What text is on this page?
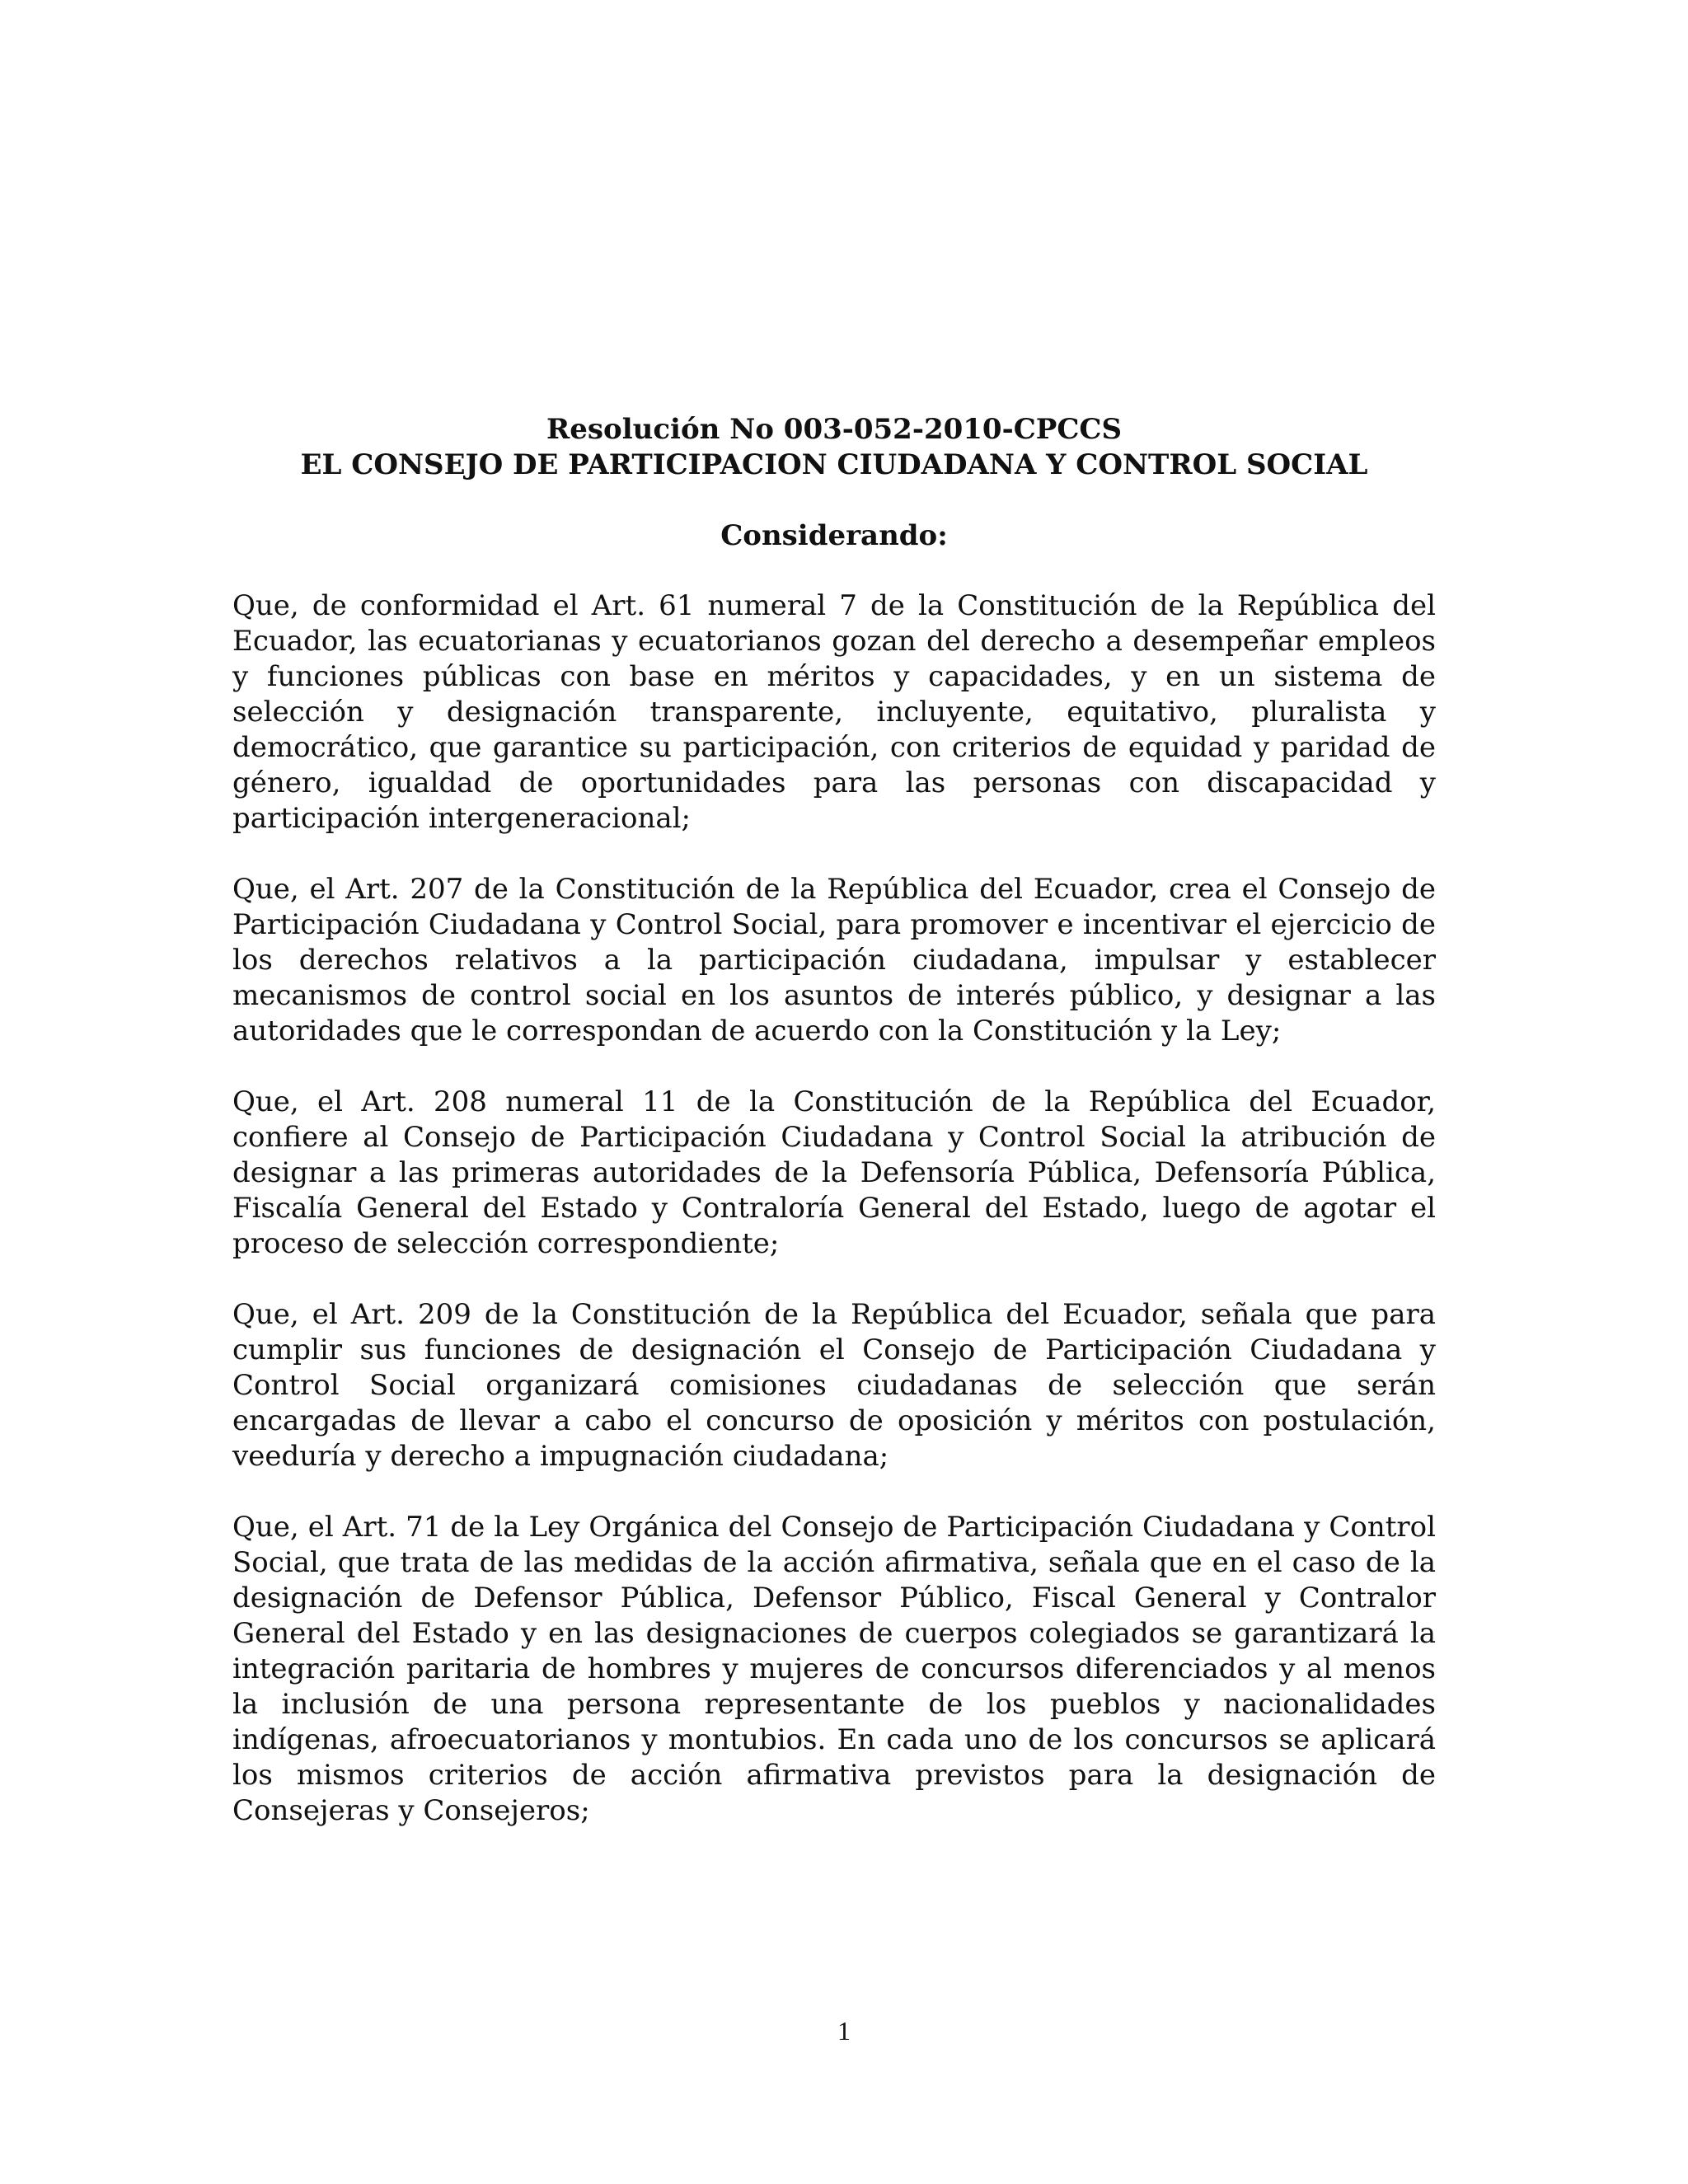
Resolución No 003-052-2010-CPCCS

EL CONSEJO DE PARTICIPACION CIUDADANA Y CONTROL SOCIAL

Considerando:

Que, de conformidad el Art. 61 numeral 7 de la Constitución de la República del Ecuador, las ecuatorianas y ecuatorianos gozan del derecho a desempeñar empleos y funciones públicas con base en méritos y capacidades, y en un sistema de selección y designación transparente, incluyente, equitativo, pluralista y democrático, que garantice su participación, con criterios de equidad y paridad de género, igualdad de oportunidades para las personas con discapacidad y participación intergeneracional;

Que, el Art. 207 de la Constitución de la República del Ecuador, crea el Consejo de Participación Ciudadana y Control Social, para promover e incentivar el ejercicio de los derechos relativos a la participación ciudadana, impulsar y establecer mecanismos de control social en los asuntos de interés público, y designar a las autoridades que le correspondan de acuerdo con la Constitución y la Ley;

Que, el Art. 208 numeral 11 de la Constitución de la República del Ecuador, confiere al Consejo de Participación Ciudadana y Control Social la atribución de designar a las primeras autoridades de la Defensoría Pública, Defensoría Pública, Fiscalía General del Estado y Contraloría General del Estado, luego de agotar el proceso de selección correspondiente;

Que, el Art. 209 de la Constitución de la República del Ecuador, señala que para cumplir sus funciones de designación el Consejo de Participación Ciudadana y Control Social organizará comisiones ciudadanas de selección que serán encargadas de llevar a cabo el concurso de oposición y méritos con postulación, veeduría y derecho a impugnación ciudadana;

Que, el Art. 71 de la Ley Orgánica del Consejo de Participación Ciudadana y Control Social, que trata de las medidas de la acción afirmativa, señala que en el caso de la designación de Defensor Pública, Defensor Público, Fiscal General y Contralor General del Estado y en las designaciones de cuerpos colegiados se garantizará la integración paritaria de hombres y mujeres de concursos diferenciados y al menos la inclusión de una persona representante de los pueblos y nacionalidades indígenas, afroecuatorianos y montubios. En cada uno de los concursos se aplicará los mismos criterios de acción afirmativa previstos para la designación de Consejeras y Consejeros;

1
